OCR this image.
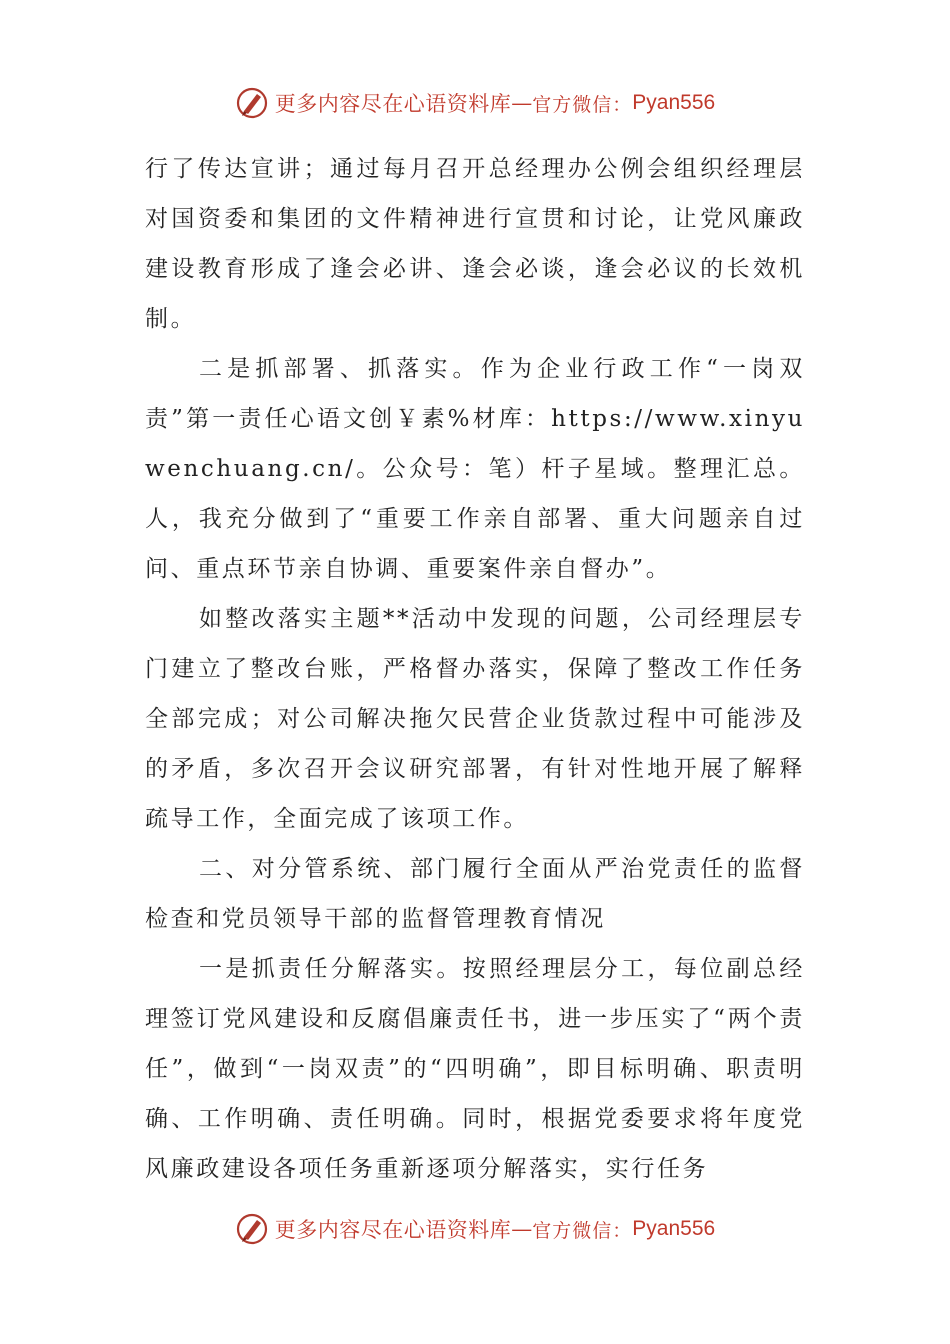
更多内容尽在心语资料库 — 官方微信： Pyan556

行了传达宣讲；通过每月召开总经理办公例会组织经理层对国资委和集团的文件精神进行宣贯和讨论，让党风廉政建设教育形成了逢会必讲、逢会必谈，逢会必议的长效机制。

二是抓部署、抓落实。作为企业行政工作“一岗双责”第一责任心语文创￥素%材库：https://www.xinyuwenchuang.cn/。公众号：笔）杆子星域。整理汇总。人，我充分做到了“重要工作亲自部署、重大问题亲自过问、重点环节亲自协调、重要案件亲自督办”。

如整改落实主题**活动中发现的问题，公司经理层专门建立了整改台账，严格督办落实，保障了整改工作任务全部完成；对公司解决拖欠民营企业货款过程中可能涉及的矛盾，多次召开会议研究部署，有针对性地开展了解释疏导工作，全面完成了该项工作。

二、对分管系统、部门履行全面从严治党责任的监督检查和党员领导干部的监督管理教育情况

一是抓责任分解落实。按照经理层分工，每位副总经理签订党风建设和反腐倡廉责任书，进一步压实了“两个责任”，做到“一岗双责”的“四明确”，即目标明确、职责明确、工作明确、责任明确。同时，根据党委要求将年度党风廉政建设各项任务重新逐项分解落实，实行任务

更多内容尽在心语资料库 — 官方微信： Pyan556
